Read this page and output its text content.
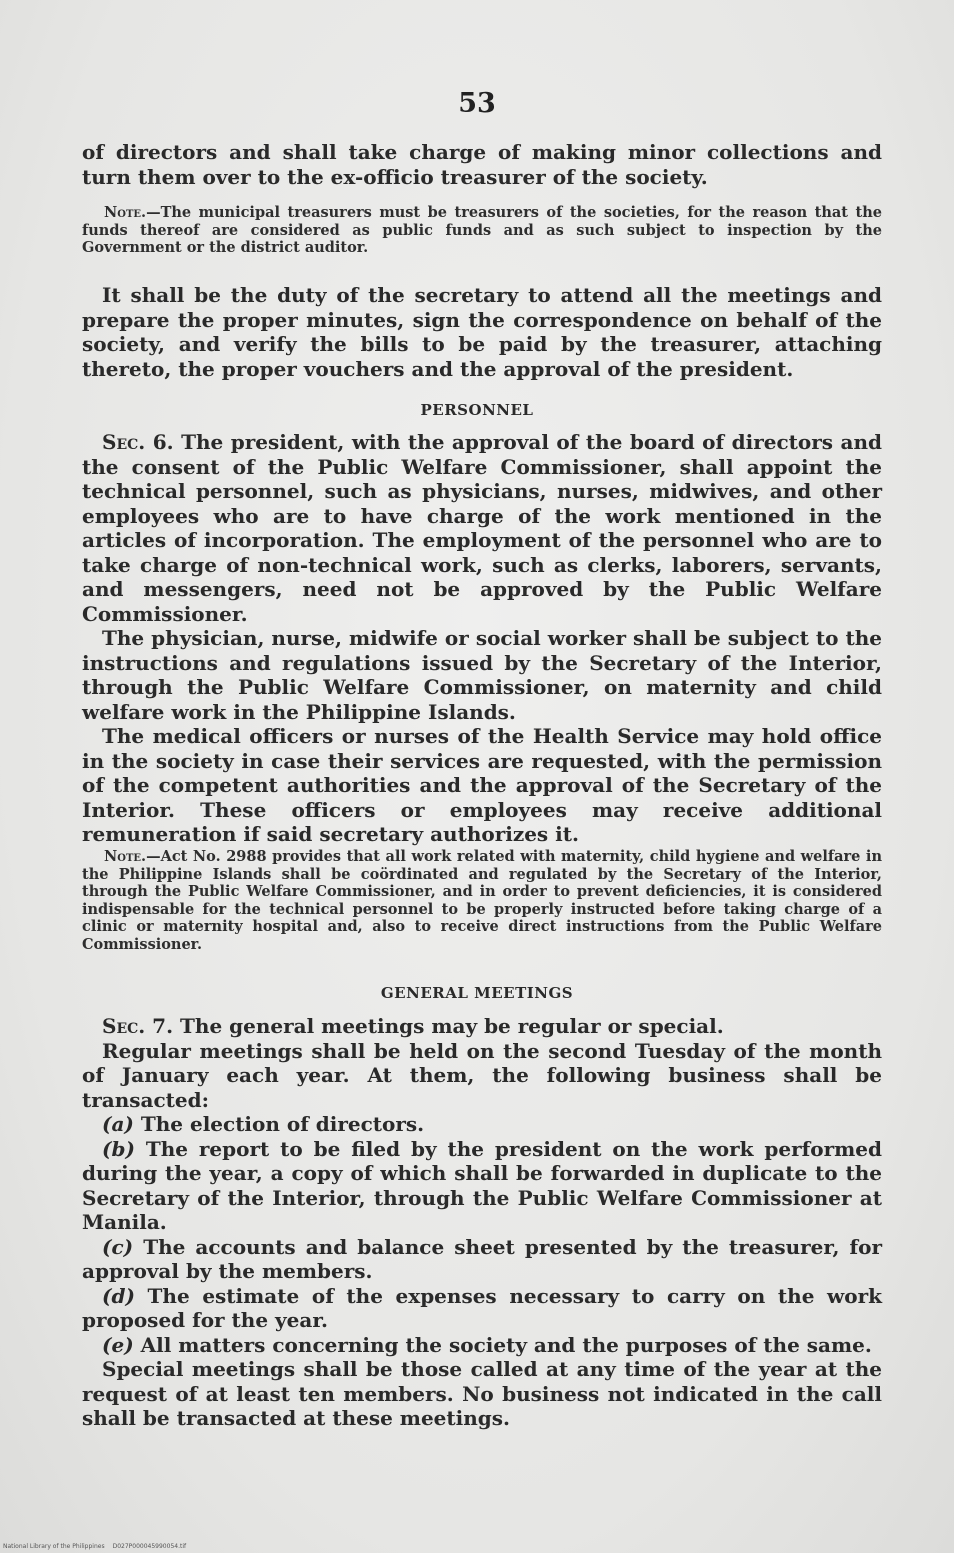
53

of directors and shall take charge of making minor collections and turn them over to the ex-officio treasurer of the society.

Note.—The municipal treasurers must be treasurers of the societies, for the reason that the funds thereof are considered as public funds and as such subject to inspection by the Government or the district auditor.

It shall be the duty of the secretary to attend all the meetings and prepare the proper minutes, sign the correspondence on behalf of the society, and verify the bills to be paid by the treasurer, attaching thereto, the proper vouchers and the approval of the president.

PERSONNEL

Sec. 6. The president, with the approval of the board of directors and the consent of the Public Welfare Commissioner, shall appoint the technical personnel, such as physicians, nurses, midwives, and other employees who are to have charge of the work mentioned in the articles of incorporation. The employment of the personnel who are to take charge of non-technical work, such as clerks, laborers, servants, and messengers, need not be approved by the Public Welfare Commissioner.

The physician, nurse, midwife or social worker shall be subject to the instructions and regulations issued by the Secretary of the Interior, through the Public Welfare Commissioner, on maternity and child welfare work in the Philippine Islands.

The medical officers or nurses of the Health Service may hold office in the society in case their services are requested, with the permission of the competent authorities and the approval of the Secretary of the Interior. These officers or employees may receive additional remuneration if said secretary authorizes it.

Note.—Act No. 2988 provides that all work related with maternity, child hygiene and welfare in the Philippine Islands shall be coördinated and regulated by the Secretary of the Interior, through the Public Welfare Commissioner, and in order to prevent deficiencies, it is considered indispensable for the technical personnel to be properly instructed before taking charge of a clinic or maternity hospital and, also to receive direct instructions from the Public Welfare Commissioner.

GENERAL MEETINGS

Sec. 7. The general meetings may be regular or special.

Regular meetings shall be held on the second Tuesday of the month of January each year. At them, the following business shall be transacted:

(a) The election of directors.

(b) The report to be filed by the president on the work performed during the year, a copy of which shall be forwarded in duplicate to the Secretary of the Interior, through the Public Welfare Commissioner at Manila.

(c) The accounts and balance sheet presented by the treasurer, for approval by the members.

(d) The estimate of the expenses necessary to carry on the work proposed for the year.

(e) All matters concerning the society and the purposes of the same.

Special meetings shall be those called at any time of the year at the request of at least ten members. No business not indicated in the call shall be transacted at these meetings.

National Library of the Philippines D027P000045990054.tif
